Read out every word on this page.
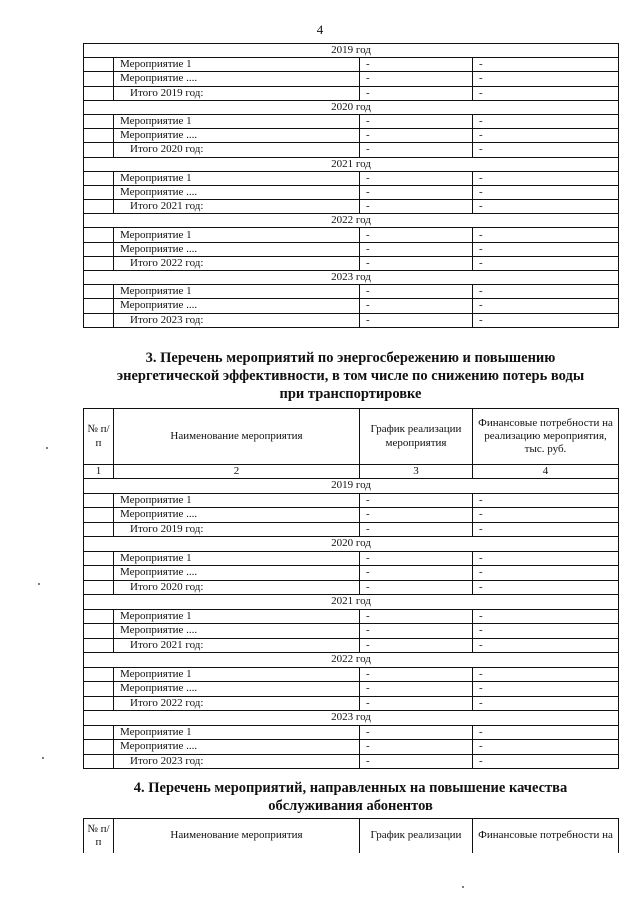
4
2019 год			
	Мероприятие 1	-	-
	Мероприятие ....	-	-
	Итого 2019 год:	-	-
2020 год			
	Мероприятие 1	-	-
	Мероприятие ....	-	-
	Итого 2020 год:	-	-
2021 год			
	Мероприятие 1	-	-
	Мероприятие ....	-	-
	Итого 2021 год:	-	-
2022 год			
	Мероприятие 1	-	-
	Мероприятие ....	-	-
	Итого 2022 год:	-	-
2023 год			
	Мероприятие 1	-	-
	Мероприятие ....	-	-
	Итого 2023 год:	-	-
3. Перечень мероприятий по энергосбережению и повышению
энергетической эффективности, в том числе по снижению потерь воды
при транспортировке
№ п/п	Наименование мероприятия	График реализации мероприятия	Финансовые потребности на реализацию мероприятия, тыс. руб.
1	2	3	4
2019 год			
	Мероприятие 1	-	-
	Мероприятие ....	-	-
	Итого 2019 год:	-	-
2020 год			
	Мероприятие 1	-	-
	Мероприятие ....	-	-
	Итого 2020 год:	-	-
2021 год			
	Мероприятие 1	-	-
	Мероприятие ....	-	-
	Итого 2021 год:	-	-
2022 год			
	Мероприятие 1	-	-
	Мероприятие ....	-	-
	Итого 2022 год:	-	-
2023 год			
	Мероприятие 1	-	-
	Мероприятие ....	-	-
	Итого 2023 год:	-	-
4. Перечень мероприятий, направленных на повышение качества
обслуживания абонентов
№ п/п	Наименование мероприятия	График реализации	Финансовые потребности на
